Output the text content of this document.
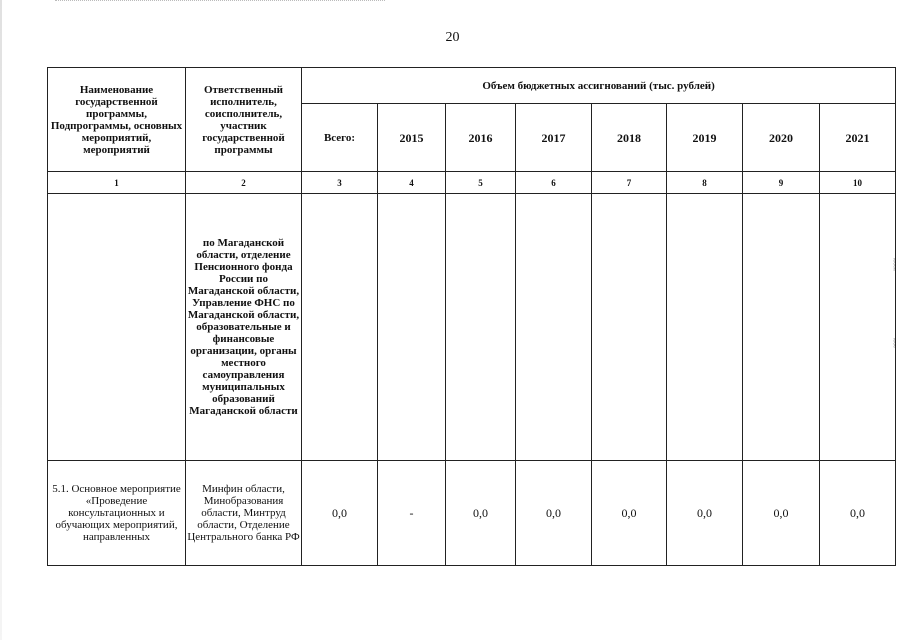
20
~~~~
~~~
Наименование государственной программы, Подпрограммы, основных мероприятий, мероприятий	Ответственный исполнитель, соисполнитель, участник государственной программы	Объем бюджетных ассигнований (тыс. рублей)							
		Всего:	2015	2016	2017	2018	2019	2020	2021
1	2	3	4	5	6	7	8	9	10
	по Магаданской области, отделение Пенсионного фонда России по Магаданской области, Управление ФНС по Магаданской области, образовательные и финансовые организации, органы местного самоуправления муниципальных образований Магаданской области								
5.1. Основное мероприятие «Проведение консультационных и обучающих мероприятий, направленных	Минфин области, Минобразования области, Минтруд области, Отделение Центрального банка РФ	0,0	-	0,0	0,0	0,0	0,0	0,0	0,0
